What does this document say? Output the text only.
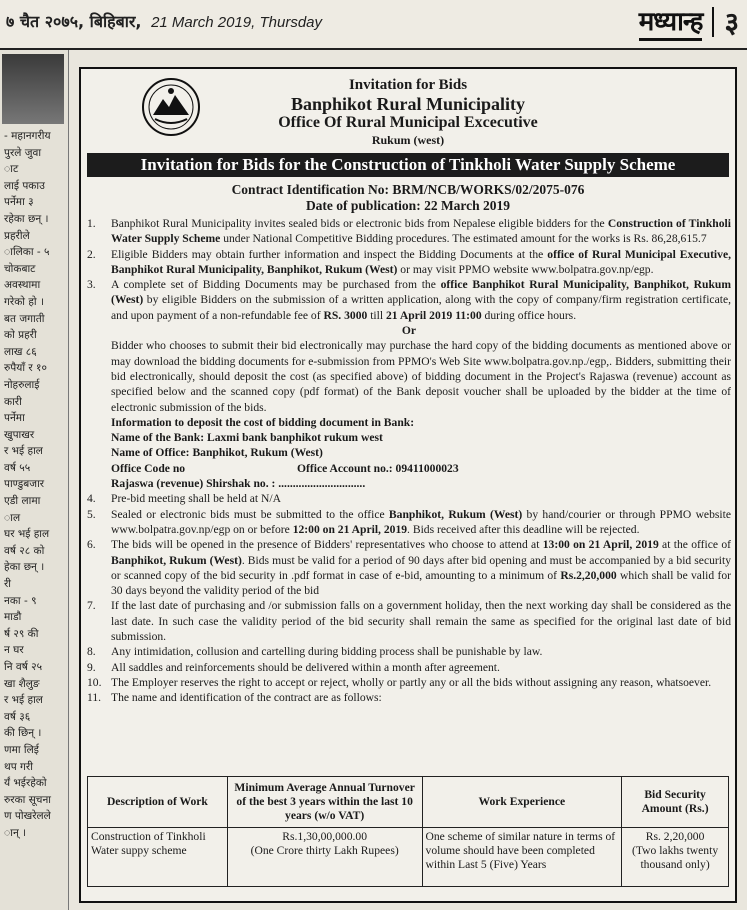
७ चैत २०७५, बिहिबार, 21 March 2019, Thursday	मध्यान्ह ३
- महानगरीय
पुरले जुवा
ाट
लाई पकाउ
पर्नेमा ३
रहेका छन् ।
प्रहरीले
ालिका - ५
चोकबाट
अवस्थामा
गरेको हो ।
बत जगाती
को प्रहरी
लाख ८६
रुपैयाँ र १०
नोहरुलाई
कारी
पर्नेमा
खुपाखर
र भई हाल
वर्ष ५५
पाण्डुबजार
एडी लामा
ाल
घर भई हाल
वर्ष २८ को
हेका छन् ।
री
नका - ९
माडौ
र्ष २९ की
न घर
नि वर्ष २५
खा शैलुङ
र भई हाल
वर्ष ३६
की छिन् ।
णमा लिई
थप गरी
र्यं भईरहेको
रुरका सूचना
ण पोखरेलले
ान् ।
Invitation for Bids
Banphikot Rural Municipality
Office Of Rural Municipal Excecutive
Rukum (west)
Invitation for Bids for the Construction of Tinkholi Water Supply Scheme
Contract Identification No: BRM/NCB/WORKS/02/2075-076
Date of publication: 22 March 2019
1.	Banphikot Rural Municipality invites sealed bids or electronic bids from Nepalese eligible bidders for the Construction of Tinkholi Water Supply Scheme under National Competitive Bidding procedures. The estimated amount for the works is Rs. 86,28,615.7
2.	Eligible Bidders may obtain further information and inspect the Bidding Documents at the office of Rural Municipal Executive, Banphikot Rural Municipality, Banphikot, Rukum (West) or may visit PPMO website www.bolpatra.gov.np/egp.
3.	A complete set of Bidding Documents may be purchased from the office Banphikot Rural Municipality, Banphikot, Rukum (West) by eligible Bidders on the submission of a written application, along with the copy of company/firm registration certificate, and upon payment of a non-refundable fee of RS. 3000 till 21 April 2019 11:00 during office hours.
Or
Bidder who chooses to submit their bid electronically may purchase the hard copy of the bidding documents as mentioned above or may download the bidding documents for e-submission from PPMO's Web Site www.bolpatra.gov.np./egp,. Bidders, submitting their bid electronically, should deposit the cost (as specified above) of bidding document in the Project's Rajaswa (revenue) account as specified below and the scanned copy (pdf format) of the Bank deposit voucher shall be uploaded by the bidder at the time of electronic submission of the bids.
Information to deposit the cost of bidding document in Bank:
Name of the Bank: Laxmi bank banphikot rukum west
Name of Office: Banphikot, Rukum (West)
Office Code no	Office Account no.: 09411000023
Rajaswa (revenue) Shirshak no. : ..............................
4.	Pre-bid meeting shall be held at N/A
5.	Sealed or electronic bids must be submitted to the office Banphikot, Rukum (West) by hand/courier or through PPMO website www.bolpatra.gov.np/egp on or before 12:00 on 21 April, 2019. Bids received after this deadline will be rejected.
6.	The bids will be opened in the presence of Bidders' representatives who choose to attend at 13:00 on 21 April, 2019 at the office of Banphikot, Rukum (West). Bids must be valid for a period of 90 days after bid opening and must be accompanied by a bid security or scanned copy of the bid security in .pdf format in case of e-bid, amounting to a minimum of Rs.2,20,000 which shall be valid for 30 days beyond the validity period of the bid
7.	If the last date of purchasing and /or submission falls on a government holiday, then the next working day shall be considered as the last date. In such case the validity period of the bid security shall remain the same as specified for the original last date of bid submission.
8.	Any intimidation, collusion and cartelling during bidding process shall be punishable by law.
9.	All saddles and reinforcements should be delivered within a month after agreement.
10. The Employer reserves the right to accept or reject, wholly or partly any or all the bids without assigning any reason, whatsoever.
11. The name and identification of the contract are as follows:
Description of Work	Minimum Average Annual Turnover of the best 3 years within the last 10 years (w/o VAT)	Work Experience	Bid Security Amount (Rs.)
Construction of Tinkholi Water suppy scheme	Rs.1,30,00,000.00
(One Crore thirty Lakh Rupees)	One scheme of similar nature in terms of volume should have been completed within Last 5 (Five) Years	Rs. 2,20,000
(Two lakhs twenty thousand only)
